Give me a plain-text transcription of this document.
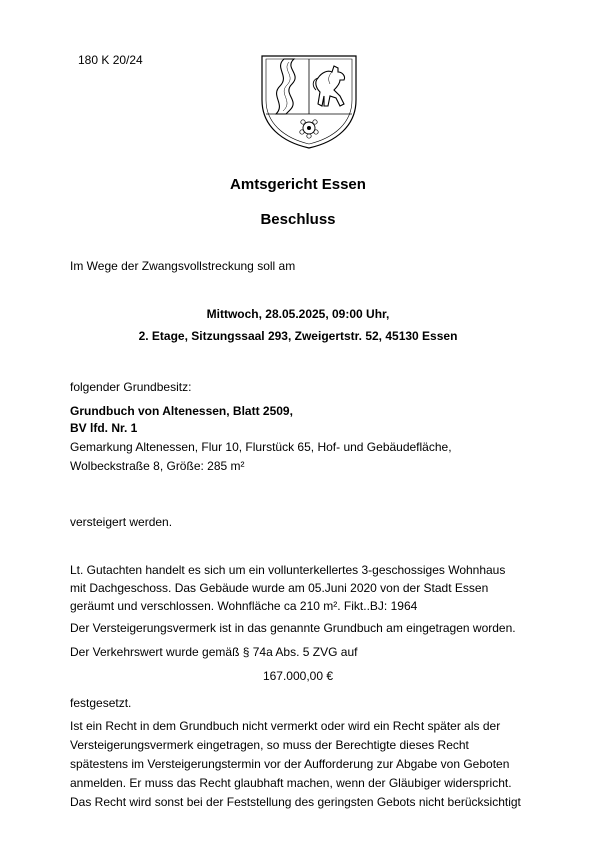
180 K 20/24
Amtsgericht Essen
Beschluss
Im Wege der Zwangsvollstreckung soll am
Mittwoch, 28.05.2025, 09:00 Uhr,
2. Etage, Sitzungssaal 293, Zweigertstr. 52, 45130 Essen
folgender Grundbesitz:
Grundbuch von Altenessen, Blatt 2509,
BV lfd. Nr. 1
Gemarkung Altenessen, Flur 10, Flurstück 65, Hof- und Gebäudefläche,
Wolbeckstraße 8, Größe: 285 m²
versteigert werden.
Lt. Gutachten handelt es sich um ein vollunterkellertes 3-geschossiges Wohnhaus
mit Dachgeschoss. Das Gebäude wurde am 05.Juni 2020 von der Stadt Essen
geräumt und verschlossen. Wohnfläche ca 210 m². Fikt..BJ: 1964
Der Versteigerungsvermerk ist in das genannte Grundbuch am eingetragen worden.
Der Verkehrswert wurde gemäß § 74a Abs. 5 ZVG auf
167.000,00 €
festgesetzt.
Ist ein Recht in dem Grundbuch nicht vermerkt oder wird ein Recht später als der
Versteigerungsvermerk eingetragen, so muss der Berechtigte dieses Recht
spätestens im Versteigerungstermin vor der Aufforderung zur Abgabe von Geboten
anmelden. Er muss das Recht glaubhaft machen, wenn der Gläubiger widerspricht.
Das Recht wird sonst bei der Feststellung des geringsten Gebots nicht berücksichtigt
